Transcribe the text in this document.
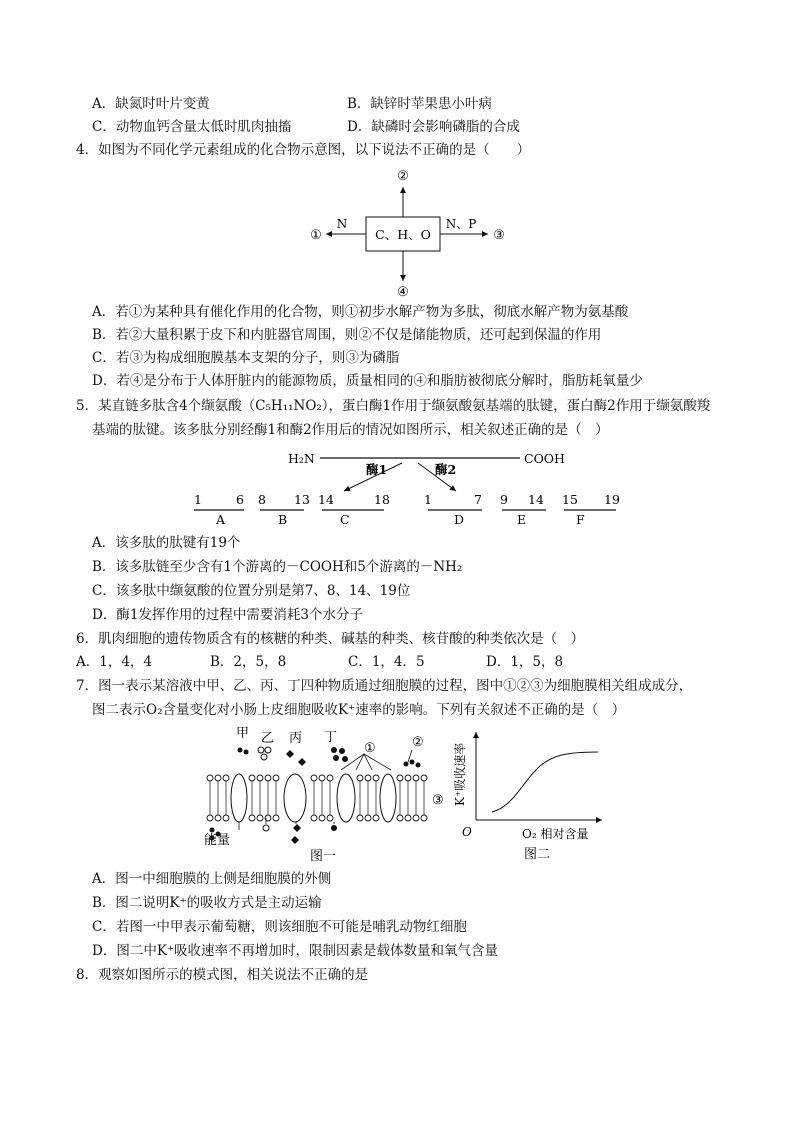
A．缺氮时叶片变黄	B．缺锌时苹果患小叶病
C．动物血钙含量太低时肌肉抽搐	D．缺磷时会影响磷脂的合成
4．如图为不同化学元素组成的化合物示意图，以下说法不正确的是（　　）
C、H、O
②
④
N
①
N、P
③
A．若①为某种具有催化作用的化合物，则①初步水解产物为多肽，彻底水解产物为氨基酸
B．若②大量积累于皮下和内脏器官周围，则②不仅是储能物质，还可起到保温的作用
C．若③为构成细胞膜基本支架的分子，则③为磷脂
D．若④是分布于人体肝脏内的能源物质，质量相同的④和脂肪被彻底分解时，脂肪耗氧量少
5．某直链多肽含4个缬氨酸（C₅H₁₁NO₂），蛋白酶1作用于缬氨酸氨基端的肽键，蛋白酶2作用于缬氨酸羧
基端的肽键。该多肽分别经酶1和酶2作用后的情况如图所示，相关叙述正确的是（　）
H₂N	COOH
酶1	酶2
1	6
A
8 13
B
14	18
C
1	7
D
9 14
E
15 19
F
A．该多肽的肽键有19个
B．该多肽链至少含有1个游离的－COOH和5个游离的－NH₂
C．该多肽中缬氨酸的位置分别是第7、8、14、19位
D．酶1发挥作用的过程中需要消耗3个水分子
6．肌肉细胞的遗传物质含有的核糖的种类、碱基的种类、核苷酸的种类依次是（　）
A．1，4，4	B．2，5，8	C．1，4．5	D．1，5，8
7．图一表示某溶液中甲、乙、丙、丁四种物质通过细胞膜的过程，图中①②③为细胞膜相关组成成分，
图二表示O₂含量变化对小肠上皮细胞吸收K⁺速率的影响。下列有关叙述不正确的是（　）
甲 乙 丙 丁
①	②
③
能量
图一
O
K⁺吸收速率
O₂ 相对含量
图二
A．图一中细胞膜的上侧是细胞膜的外侧
B．图二说明K⁺的吸收方式是主动运输
C．若图一中甲表示葡萄糖，则该细胞不可能是哺乳动物红细胞
D．图二中K⁺吸收速率不再增加时，限制因素是载体数量和氧气含量
8．观察如图所示的模式图，相关说法不正确的是
